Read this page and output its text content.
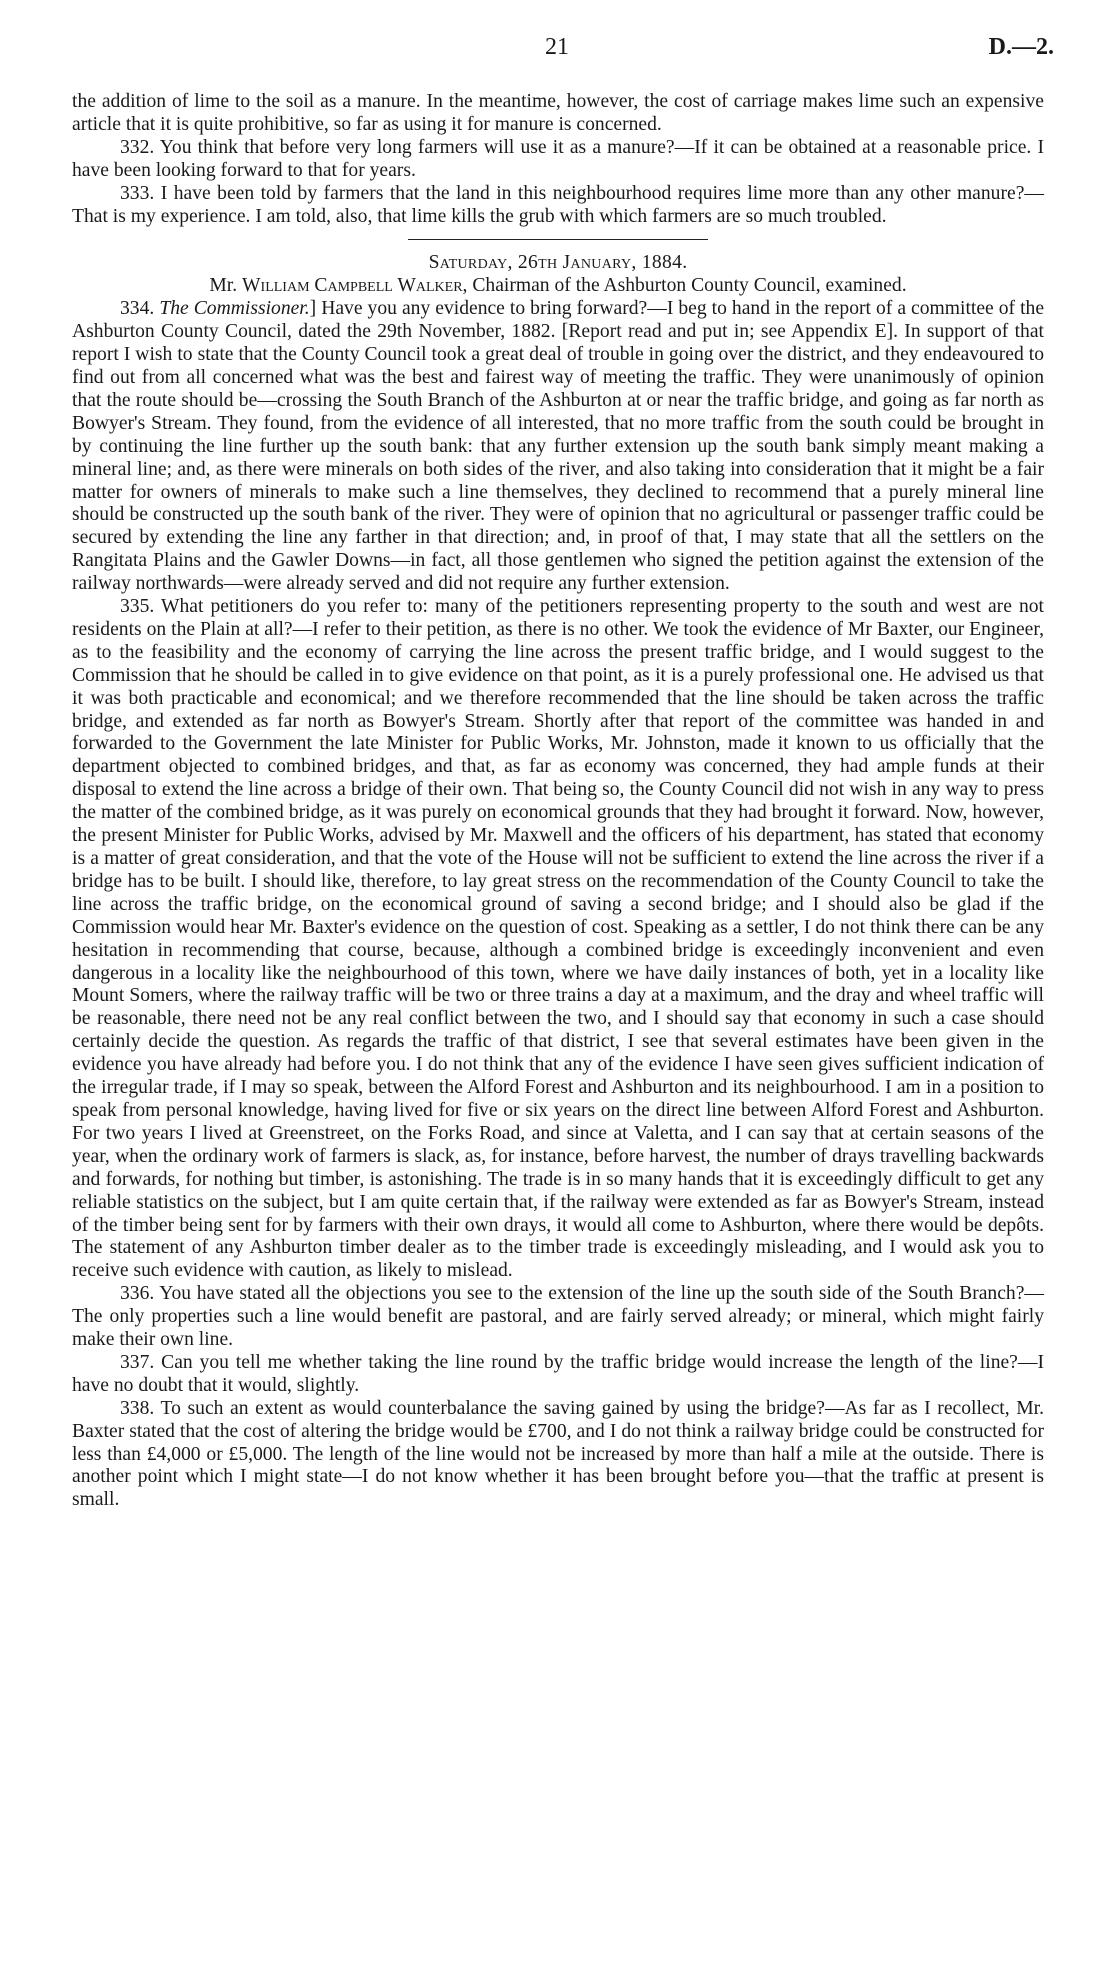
21	D.—2.

the addition of lime to the soil as a manure. In the meantime, however, the cost of carriage makes lime such an expensive article that it is quite prohibitive, so far as using it for manure is concerned.

332. You think that before very long farmers will use it as a manure?—If it can be obtained at a reasonable price. I have been looking forward to that for years.

333. I have been told by farmers that the land in this neighbourhood requires lime more than any other manure?—That is my experience. I am told, also, that lime kills the grub with which farmers are so much troubled.

Saturday, 26th January, 1884.

Mr. William Campbell Walker, Chairman of the Ashburton County Council, examined.

334. The Commissioner.] Have you any evidence to bring forward?—I beg to hand in the report of a committee of the Ashburton County Council, dated the 29th November, 1882. [Report read and put in; see Appendix E]. In support of that report I wish to state that the County Council took a great deal of trouble in going over the district, and they endeavoured to find out from all concerned what was the best and fairest way of meeting the traffic. They were unanimously of opinion that the route should be—crossing the South Branch of the Ashburton at or near the traffic bridge, and going as far north as Bowyer's Stream. They found, from the evidence of all interested, that no more traffic from the south could be brought in by continuing the line further up the south bank: that any further extension up the south bank simply meant making a mineral line; and, as there were minerals on both sides of the river, and also taking into consideration that it might be a fair matter for owners of minerals to make such a line themselves, they declined to recommend that a purely mineral line should be constructed up the south bank of the river. They were of opinion that no agricultural or passenger traffic could be secured by extending the line any farther in that direction; and, in proof of that, I may state that all the settlers on the Rangitata Plains and the Gawler Downs—in fact, all those gentlemen who signed the petition against the extension of the railway northwards—were already served and did not require any further extension.

335. What petitioners do you refer to: many of the petitioners representing property to the south and west are not residents on the Plain at all?—I refer to their petition, as there is no other. We took the evidence of Mr Baxter, our Engineer, as to the feasibility and the economy of carrying the line across the present traffic bridge, and I would suggest to the Commission that he should be called in to give evidence on that point, as it is a purely professional one. He advised us that it was both practicable and economical; and we therefore recommended that the line should be taken across the traffic bridge, and extended as far north as Bowyer's Stream. Shortly after that report of the committee was handed in and forwarded to the Government the late Minister for Public Works, Mr. Johnston, made it known to us officially that the department objected to combined bridges, and that, as far as economy was concerned, they had ample funds at their disposal to extend the line across a bridge of their own. That being so, the County Council did not wish in any way to press the matter of the combined bridge, as it was purely on economical grounds that they had brought it forward. Now, however, the present Minister for Public Works, advised by Mr. Maxwell and the officers of his department, has stated that economy is a matter of great consideration, and that the vote of the House will not be sufficient to extend the line across the river if a bridge has to be built. I should like, therefore, to lay great stress on the recommendation of the County Council to take the line across the traffic bridge, on the economical ground of saving a second bridge; and I should also be glad if the Commission would hear Mr. Baxter's evidence on the question of cost. Speaking as a settler, I do not think there can be any hesitation in recommending that course, because, although a combined bridge is exceedingly inconvenient and even dangerous in a locality like the neighbourhood of this town, where we have daily instances of both, yet in a locality like Mount Somers, where the railway traffic will be two or three trains a day at a maximum, and the dray and wheel traffic will be reasonable, there need not be any real conflict between the two, and I should say that economy in such a case should certainly decide the question. As regards the traffic of that district, I see that several estimates have been given in the evidence you have already had before you. I do not think that any of the evidence I have seen gives sufficient indication of the irregular trade, if I may so speak, between the Alford Forest and Ashburton and its neighbourhood. I am in a position to speak from personal knowledge, having lived for five or six years on the direct line between Alford Forest and Ashburton. For two years I lived at Greenstreet, on the Forks Road, and since at Valetta, and I can say that at certain seasons of the year, when the ordinary work of farmers is slack, as, for instance, before harvest, the number of drays travelling backwards and forwards, for nothing but timber, is astonishing. The trade is in so many hands that it is exceedingly difficult to get any reliable statistics on the subject, but I am quite certain that, if the railway were extended as far as Bowyer's Stream, instead of the timber being sent for by farmers with their own drays, it would all come to Ashburton, where there would be depôts. The statement of any Ashburton timber dealer as to the timber trade is exceedingly misleading, and I would ask you to receive such evidence with caution, as likely to mislead.

336. You have stated all the objections you see to the extension of the line up the south side of the South Branch?—The only properties such a line would benefit are pastoral, and are fairly served already; or mineral, which might fairly make their own line.

337. Can you tell me whether taking the line round by the traffic bridge would increase the length of the line?—I have no doubt that it would, slightly.

338. To such an extent as would counterbalance the saving gained by using the bridge?—As far as I recollect, Mr. Baxter stated that the cost of altering the bridge would be £700, and I do not think a railway bridge could be constructed for less than £4,000 or £5,000. The length of the line would not be increased by more than half a mile at the outside. There is another point which I might state—I do not know whether it has been brought before you—that the traffic at present is small.
